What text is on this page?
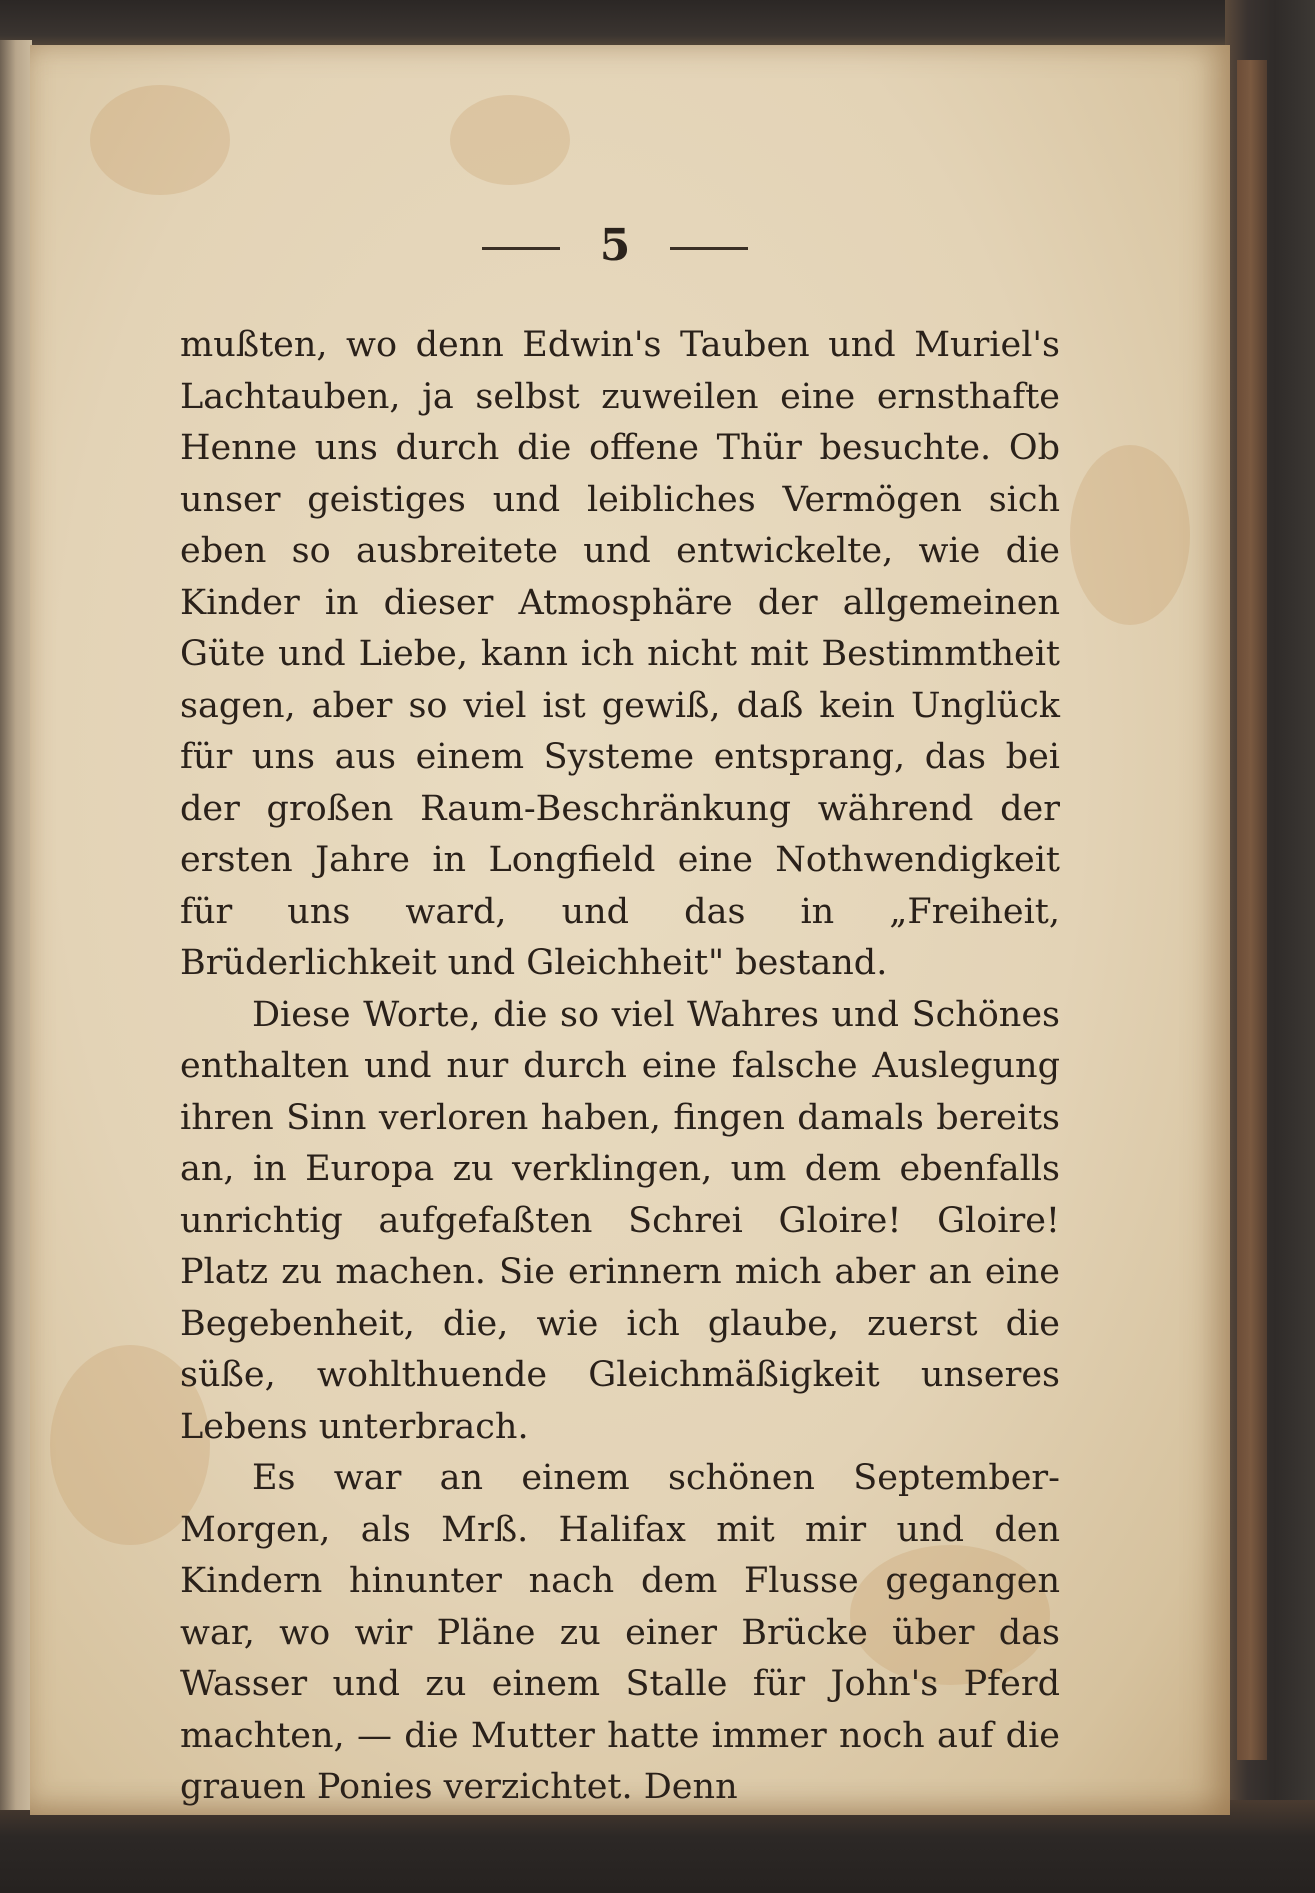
5

mußten, wo denn Edwin's Tauben und Muriel's Lachtauben, ja selbst zuweilen eine ernsthafte Henne uns durch die offene Thür besuchte. Ob unser geistiges und leibliches Vermögen sich eben so ausbreitete und entwickelte, wie die Kinder in dieser Atmosphäre der allgemeinen Güte und Liebe, kann ich nicht mit Bestimmtheit sagen, aber so viel ist gewiß, daß kein Unglück für uns aus einem Systeme entsprang, das bei der großen Raum-Beschränkung während der ersten Jahre in Longfield eine Nothwendigkeit für uns ward, und das in „Freiheit, Brüderlichkeit und Gleichheit" bestand.

Diese Worte, die so viel Wahres und Schönes enthalten und nur durch eine falsche Auslegung ihren Sinn verloren haben, fingen damals bereits an, in Europa zu verklingen, um dem ebenfalls unrichtig aufgefaßten Schrei Gloire! Gloire! Platz zu machen. Sie erinnern mich aber an eine Begebenheit, die, wie ich glaube, zuerst die süße, wohlthuende Gleichmäßigkeit unseres Lebens unterbrach.

Es war an einem schönen September-Morgen, als Mrß. Halifax mit mir und den Kindern hinunter nach dem Flusse gegangen war, wo wir Pläne zu einer Brücke über das Wasser und zu einem Stalle für John's Pferd machten, — die Mutter hatte immer noch auf die grauen Ponies verzichtet. Denn
